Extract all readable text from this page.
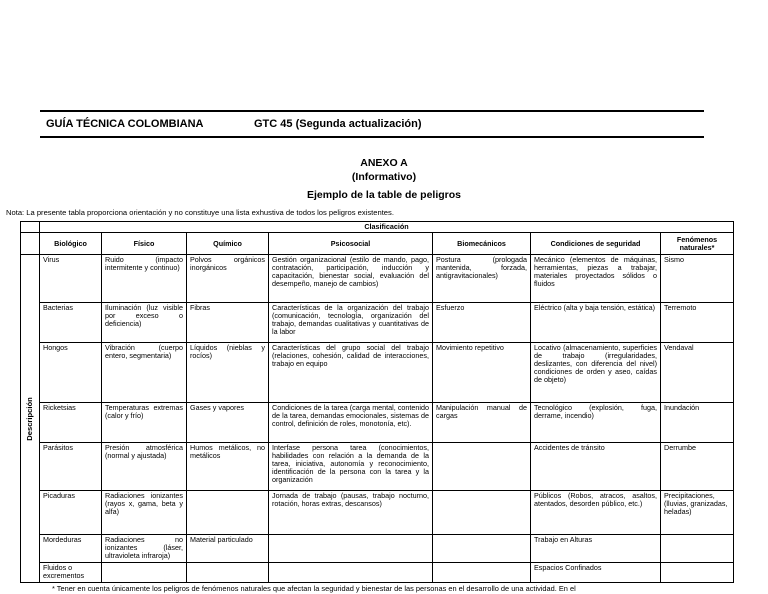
GUÍA TÉCNICA COLOMBIANA	GTC 45 (Segunda actualización)
ANEXO A
(Informativo)
Ejemplo de la table de peligros
Nota: La presente tabla proporciona orientación y no constituye una lista exhustiva de todos los peligros existentes.
	Clasificación						
	Biológico	Físico	Químico	Psicosocial	Biomecánicos	Condiciones de seguridad	Fenómenos naturales*

Descripción	Virus	Ruido (impacto intermitente y continuo)	Polvos orgánicos inorgánicos	Gestión organizacional (estilo de mando, pago, contratación, participación, inducción y capacitación, bienestar social, evaluación del desempeño, manejo de cambios)	Postura (prologada mantenida, forzada, antigravitacionales)	Mecánico (elementos de máquinas, herramientas, piezas a trabajar, materiales proyectados sólidos o fluidos	Sismo
	Bacterias	Iluminación (luz visible por exceso o deficiencia)	Fibras	Características de la organización del trabajo (comunicación, tecnología, organización del trabajo, demandas cualitativas y cuantitativas de la labor	Esfuerzo	Eléctrico (alta y baja tensión, estática)	Terremoto
	Hongos	Vibración (cuerpo entero, segmentaria)	Líquidos (nieblas y rocíos)	Características del grupo social del trabajo (relaciones, cohesión, calidad de interacciones, trabajo en equipo	Movimiento repetitivo	Locativo (almacenamiento, superficies de trabajo (irregularidades, deslizantes, con diferencia del nivel) condiciones de orden y aseo, caídas de objeto)	Vendaval
	Ricketsias	Temperaturas extremas (calor y frío)	Gases y vapores	Condiciones de la tarea (carga mental, contenido de la tarea, demandas emocionales, sistemas de control, definición de roles, monotonía, etc).	Manipulación manual de cargas	Tecnológico (explosión, fuga, derrame, incendio)	Inundación
	Parásitos	Presión atmosférica (normal y ajustada)	Humos metálicos, no metálicos	Interfase persona tarea (conocimientos, habilidades con relación a la demanda de la tarea, iniciativa, autonomía y reconocimiento, identificación de la persona con la tarea y la organización		Accidentes de tránsito	Derrumbe
	Picaduras	Radiaciones ionizantes (rayos x, gama, beta y alfa)		Jornada de trabajo (pausas, trabajo nocturno, rotación, horas extras, descansos)		Públicos (Robos, atracos, asaltos, atentados, desorden público, etc.)	Precipitaciones, (lluvias, granizadas, heladas)
	Mordeduras	Radiaciones no ionizantes (láser, ultravioleta infraroja)	Material particulado			Trabajo en Alturas	
	Fluidos o excrementos					Espacios Confinados	
* Tener en cuenta únicamente los peligros de fenómenos naturales que afectan la seguridad y bienestar de las personas en el desarrollo de una actividad. En el
